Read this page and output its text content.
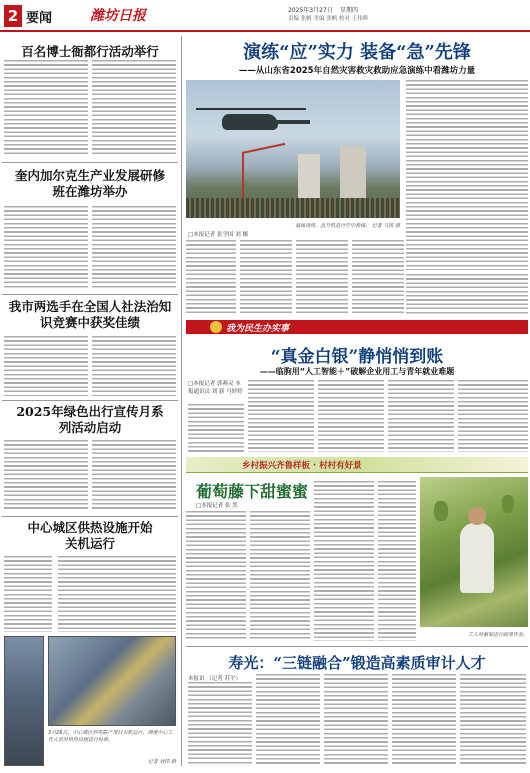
2 要闻	潍坊日报	2025年3月27日 星期四
责编 张帆 美编 张帆 校对 王伟辉
百名博士衙都行活动举行
奎内加尔克生产业发展研修班在潍坊举办
我市两选手在全国人社法治知识竞赛中获奖佳绩
2025年绿色出行宣传月系列活动启动
中心城区供热设施开始关机运行
3月26日，中心城区热电联产项目关机运行，调度中心工作人员对供热设施进行检修。
记者 刘伟 摄
演练“应”实力 装备“急”先锋
——从山东省2025年自然灾害救灾救助应急演练中看潍坊力量
演练现场，直升机进行空中救援。 记者 马凯 摄
□本报记者 张学国 刘 娜
我为民生办实事
“真金白银”静悄悄到账
——临朐用“人工智能＋”破解企业用工与青年就业难题
□本报记者 郭燕灵 本报通讯员 刘 新 马婷婷
乡村振兴齐鲁样板 · 村村有好景
葡萄藤下甜蜜蜜
□本报记者 张 然
工人对葡萄进行疏果作业。
寿光：“三链融合”锻造高素质审计人才
本报讯 （记者 苏平）
